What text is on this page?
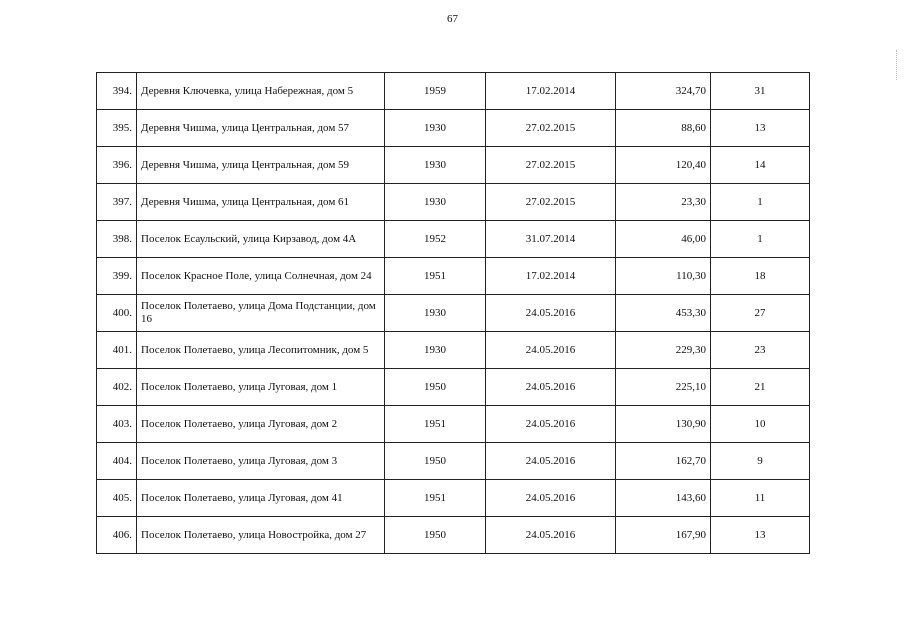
67
394.	Деревня Ключевка, улица Набережная, дом 5	1959	17.02.2014	324,70	31
395.	Деревня Чишма, улица Центральная, дом 57	1930	27.02.2015	88,60	13
396.	Деревня Чишма, улица Центральная, дом 59	1930	27.02.2015	120,40	14
397.	Деревня Чишма, улица Центральная, дом 61	1930	27.02.2015	23,30	1
398.	Поселок Есаульский, улица Кирзавод, дом 4А	1952	31.07.2014	46,00	1
399.	Поселок Красное Поле, улица Солнечная, дом 24	1951	17.02.2014	110,30	18
400.	Поселок Полетаево, улица Дома Подстанции, дом 16	1930	24.05.2016	453,30	27
401.	Поселок Полетаево, улица Лесопитомник, дом 5	1930	24.05.2016	229,30	23
402.	Поселок Полетаево, улица Луговая, дом 1	1950	24.05.2016	225,10	21
403.	Поселок Полетаево, улица Луговая, дом 2	1951	24.05.2016	130,90	10
404.	Поселок Полетаево, улица Луговая, дом 3	1950	24.05.2016	162,70	9
405.	Поселок Полетаево, улица Луговая, дом 41	1951	24.05.2016	143,60	11
406.	Поселок Полетаево, улица Новостройка, дом 27	1950	24.05.2016	167,90	13
